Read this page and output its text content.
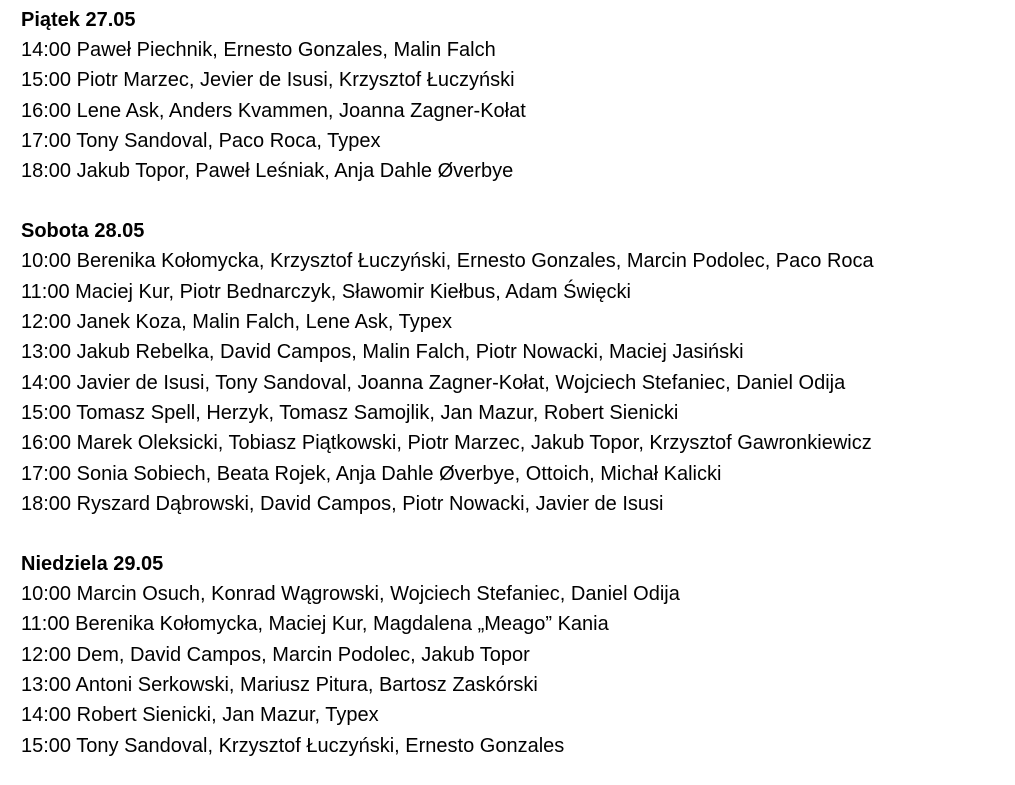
Piątek 27.05
14:00 Paweł Piechnik, Ernesto Gonzales, Malin Falch
15:00 Piotr Marzec, Jevier de Isusi, Krzysztof Łuczyński
16:00 Lene Ask, Anders Kvammen, Joanna Zagner-Kołat
17:00 Tony Sandoval, Paco Roca, Typex
18:00 Jakub Topor, Paweł Leśniak, Anja Dahle Øverbye
Sobota 28.05
10:00 Berenika Kołomycka, Krzysztof Łuczyński, Ernesto Gonzales, Marcin Podolec, Paco Roca
11:00 Maciej Kur, Piotr Bednarczyk, Sławomir Kiełbus, Adam Święcki
12:00 Janek Koza, Malin Falch, Lene Ask, Typex
13:00 Jakub Rebelka, David Campos, Malin Falch, Piotr Nowacki, Maciej Jasiński
14:00 Javier de Isusi, Tony Sandoval, Joanna Zagner-Kołat, Wojciech Stefaniec, Daniel Odija
15:00 Tomasz Spell, Herzyk, Tomasz Samojlik, Jan Mazur, Robert Sienicki
16:00 Marek Oleksicki, Tobiasz Piątkowski, Piotr Marzec, Jakub Topor, Krzysztof Gawronkiewicz
17:00 Sonia Sobiech, Beata Rojek, Anja Dahle Øverbye, Ottoich, Michał Kalicki
18:00 Ryszard Dąbrowski, David Campos, Piotr Nowacki, Javier de Isusi
Niedziela 29.05
10:00 Marcin Osuch, Konrad Wągrowski, Wojciech Stefaniec, Daniel Odija
11:00 Berenika Kołomycka, Maciej Kur, Magdalena „Meago” Kania
12:00 Dem, David Campos, Marcin Podolec, Jakub Topor
13:00 Antoni Serkowski, Mariusz Pitura, Bartosz Zaskórski
14:00 Robert Sienicki, Jan Mazur, Typex
15:00 Tony Sandoval, Krzysztof Łuczyński, Ernesto Gonzales
